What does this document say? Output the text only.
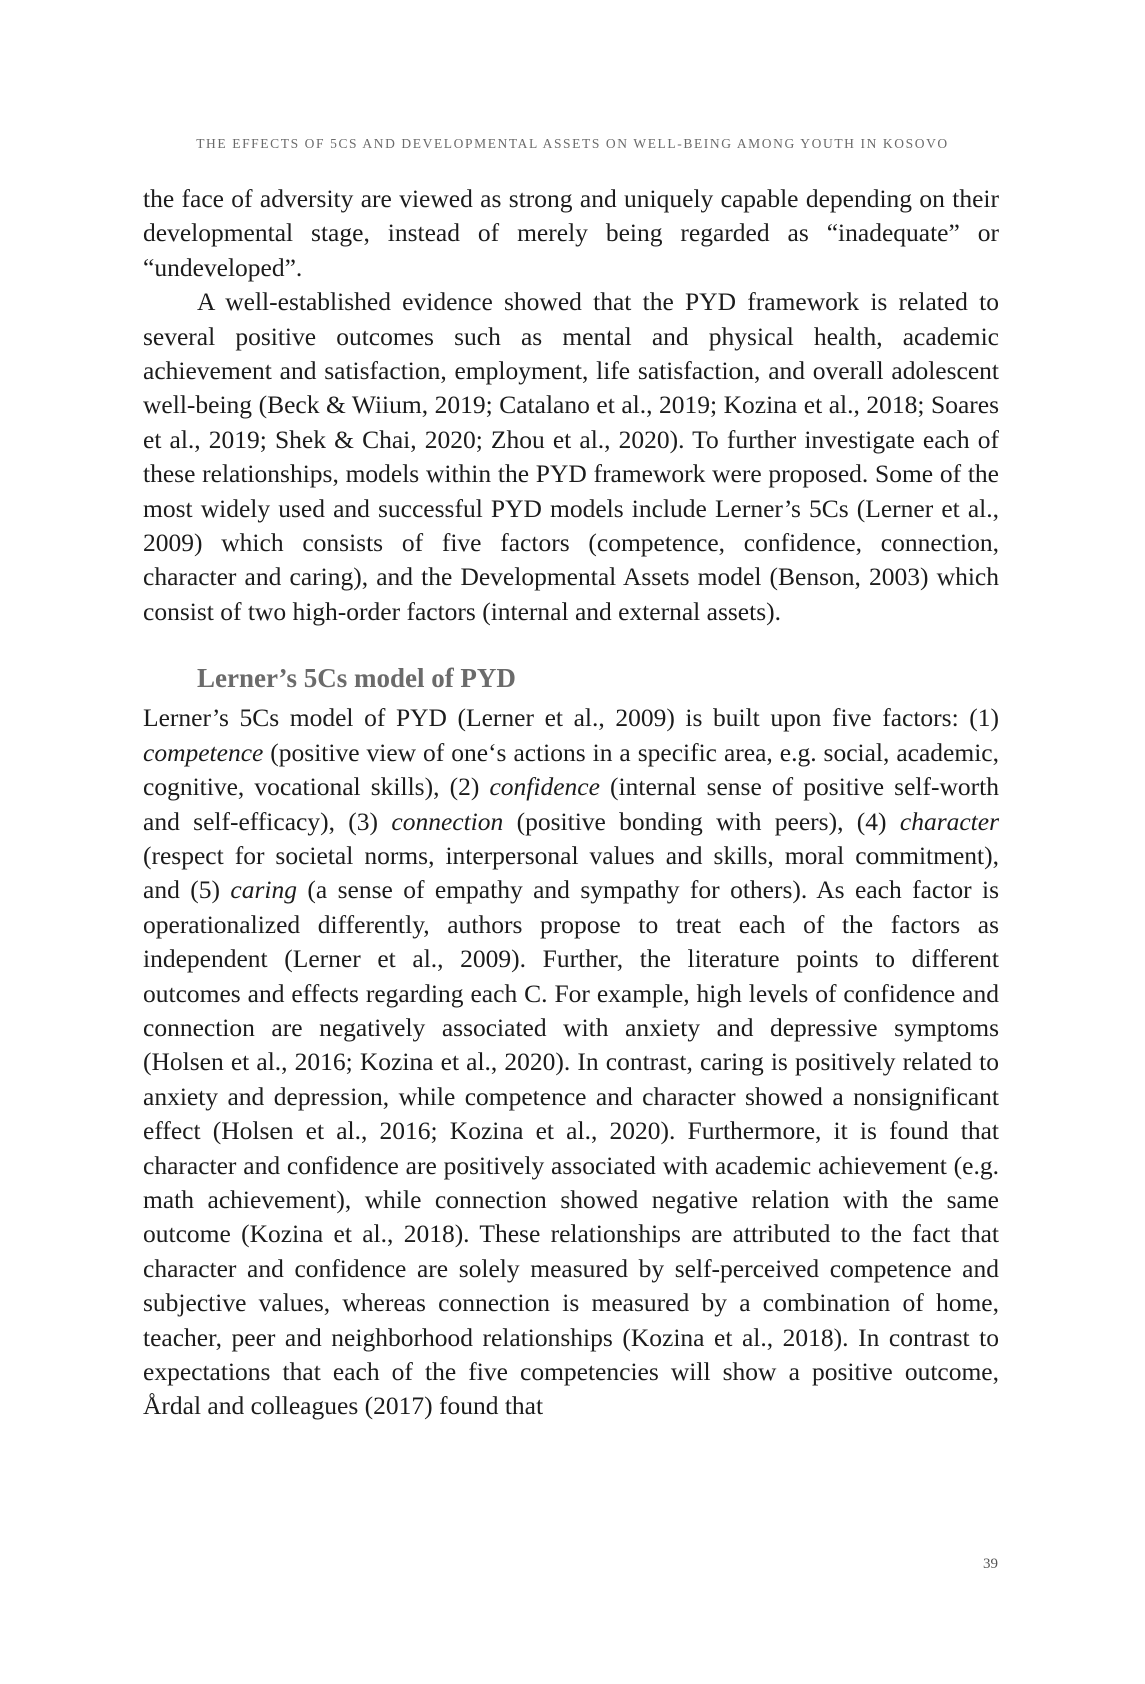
THE EFFECTS OF 5CS AND DEVELOPMENTAL ASSETS ON WELL-BEING AMONG YOUTH IN KOSOVO

the face of adversity are viewed as strong and uniquely capable depending on their developmental stage, instead of merely being regarded as “inadequate” or “undeveloped”.

A well-established evidence showed that the PYD framework is related to several positive outcomes such as mental and physical health, academic achievement and satisfaction, employment, life satisfaction, and overall adolescent well-being (Beck & Wiium, 2019; Catalano et al., 2019; Kozina et al., 2018; Soares et al., 2019; Shek & Chai, 2020; Zhou et al., 2020). To further investigate each of these relationships, models within the PYD framework were proposed. Some of the most widely used and successful PYD models include Lerner’s 5Cs (Lerner et al., 2009) which consists of five factors (competence, confidence, connection, character and caring), and the Developmental Assets model (Benson, 2003) which consist of two high-order factors (internal and external assets).

Lerner’s 5Cs model of PYD

Lerner’s 5Cs model of PYD (Lerner et al., 2009) is built upon five factors: (1) competence (positive view of one‘s actions in a specific area, e.g. social, academic, cognitive, vocational skills), (2) confidence (internal sense of positive self-worth and self-efficacy), (3) connection (positive bonding with peers), (4) character (respect for societal norms, interpersonal values and skills, moral commitment), and (5) caring (a sense of empathy and sympathy for others). As each factor is operationalized differently, authors propose to treat each of the factors as independent (Lerner et al., 2009). Further, the literature points to different outcomes and effects regarding each C. For example, high levels of confidence and connection are negatively associated with anxiety and depressive symptoms (Holsen et al., 2016; Kozina et al., 2020). In contrast, caring is positively related to anxiety and depression, while competence and character showed a nonsignificant effect (Holsen et al., 2016; Kozina et al., 2020). Furthermore, it is found that character and confidence are positively associated with academic achievement (e.g. math achievement), while connection showed negative relation with the same outcome (Kozina et al., 2018). These relationships are attributed to the fact that character and confidence are solely measured by self-perceived competence and subjective values, whereas connection is measured by a combination of home, teacher, peer and neighborhood relationships (Kozina et al., 2018). In contrast to expectations that each of the five competencies will show a positive outcome, Årdal and colleagues (2017) found that

39
